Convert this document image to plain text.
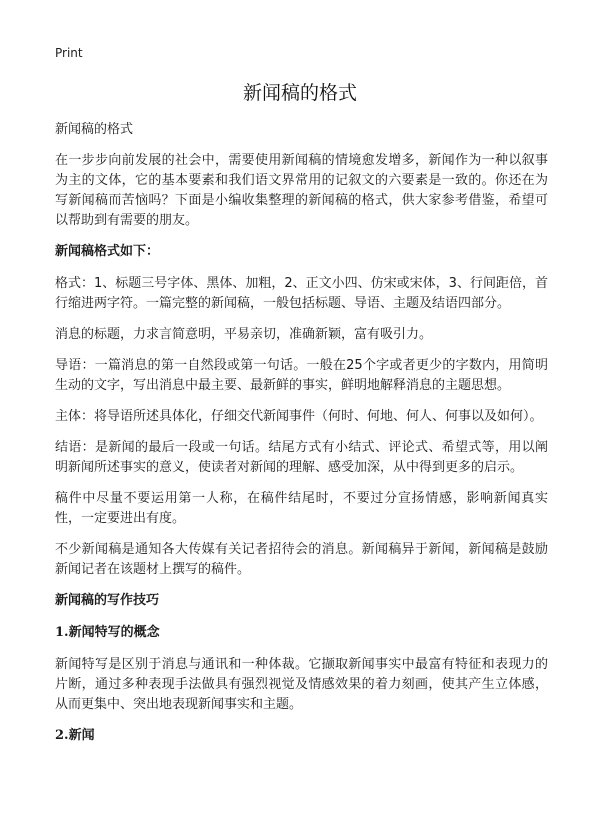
Print
新闻稿的格式
新闻稿的格式

在一步步向前发展的社会中，需要使用新闻稿的情境愈发增多，新闻作为一种以叙事为主的文体，它的基本要素和我们语文界常用的记叙文的六要素是一致的。你还在为写新闻稿而苦恼吗？下面是小编收集整理的新闻稿的格式，供大家参考借鉴，希望可以帮助到有需要的朋友。

新闻稿格式如下：

格式：1、标题三号字体、黑体、加粗，2、正文小四、仿宋或宋体，3、行间距倍，首行缩进两字符。一篇完整的新闻稿，一般包括标题、导语、主题及结语四部分。

消息的标题，力求言简意明，平易亲切，准确新颖，富有吸引力。

导语：一篇消息的第一自然段或第一句话。一般在25个字或者更少的字数内，用简明生动的文字，写出消息中最主要、最新鲜的事实，鲜明地解释消息的主题思想。

主体：将导语所述具体化，仔细交代新闻事件（何时、何地、何人、何事以及如何）。

结语：是新闻的最后一段或一句话。结尾方式有小结式、评论式、希望式等，用以阐明新闻所述事实的意义，使读者对新闻的理解、感受加深，从中得到更多的启示。

稿件中尽量不要运用第一人称，在稿件结尾时，不要过分宣扬情感，影响新闻真实性，一定要进出有度。

不少新闻稿是通知各大传媒有关记者招待会的消息。新闻稿异于新闻，新闻稿是鼓励新闻记者在该题材上撰写的稿件。

新闻稿的写作技巧
1.新闻特写的概念

新闻特写是区别于消息与通讯和一种体裁。它撷取新闻事实中最富有特征和表现力的片断，通过多种表现手法做具有强烈视觉及情感效果的着力刻画，使其产生立体感，从而更集中、突出地表现新闻事实和主题。

2.新闻
